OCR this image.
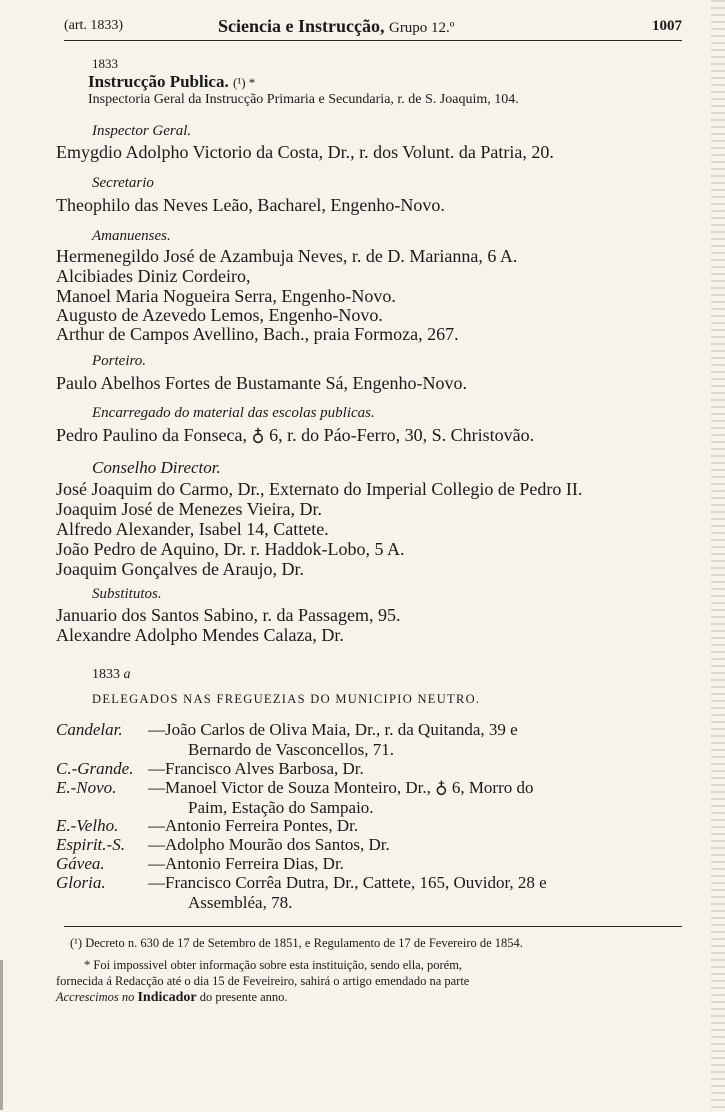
(art. 1833)	Sciencia e Instrucção, Grupo 12.º	1007
1833
Instrucção Publica. (¹) *
Inspectoria Geral da Instrucção Primaria e Secundaria, r. de S. Joaquim, 104.
Inspector Geral.
Emygdio Adolpho Victorio da Costa, Dr., r. dos Volunt. da Patria, 20.
Secretario
Theophilo das Neves Leão, Bacharel, Engenho-Novo.
Amanuenses.
Hermenegildo José de Azambuja Neves, r. de D. Marianna, 6 A.
Alcibiades Diniz Cordeiro,
Manoel Maria Nogueira Serra, Engenho-Novo.
Augusto de Azevedo Lemos, Engenho-Novo.
Arthur de Campos Avellino, Bach., praia Formoza, 267.
Porteiro.
Paulo Abelhos Fortes de Bustamante Sá, Engenho-Novo.
Encarregado do material das escolas publicas.
Pedro Paulino da Fonseca, ♁ 6, r. do Páo-Ferro, 30, S. Christovão.
Conselho Director.
José Joaquim do Carmo, Dr., Externato do Imperial Collegio de Pedro II.
Joaquim José de Menezes Vieira, Dr.
Alfredo Alexander, Isabel 14, Cattete.
João Pedro de Aquino, Dr. r. Haddok-Lobo, 5 A.
Joaquim Gonçalves de Araujo, Dr.
Substitutos.
Januario dos Santos Sabino, r. da Passagem, 95.
Alexandre Adolpho Mendes Calaza, Dr.
1833 a
DELEGADOS NAS FREGUEZIAS DO MUNICIPIO NEUTRO.
Candelar. —João Carlos de Oliva Maia, Dr., r. da Quitanda, 39 e
Bernardo de Vasconcellos, 71.
C.-Grande. —Francisco Alves Barbosa, Dr.
E.-Novo. —Manoel Victor de Souza Monteiro, Dr., ♁ 6, Morro do
Paim, Estação do Sampaio.
E.-Velho. —Antonio Ferreira Pontes, Dr.
Espirit.-S. —Adolpho Mourão dos Santos, Dr.
Gávea.	—Antonio Ferreira Dias, Dr.
Gloria. —Francisco Corrêa Dutra, Dr., Cattete, 165, Ouvidor, 28 e
Assembléa, 78.
(¹) Decreto n. 630 de 17 de Setembro de 1851, e Regulamento de 17 de Fevereiro de 1854.
* Foi impossivel obter informação sobre esta instituição, sendo ella, porém,
fornecida á Redacção até o dia 15 de Feveireiro, sahirá o artigo emendado na parte
Accrescimos no Indicador do presente anno.
